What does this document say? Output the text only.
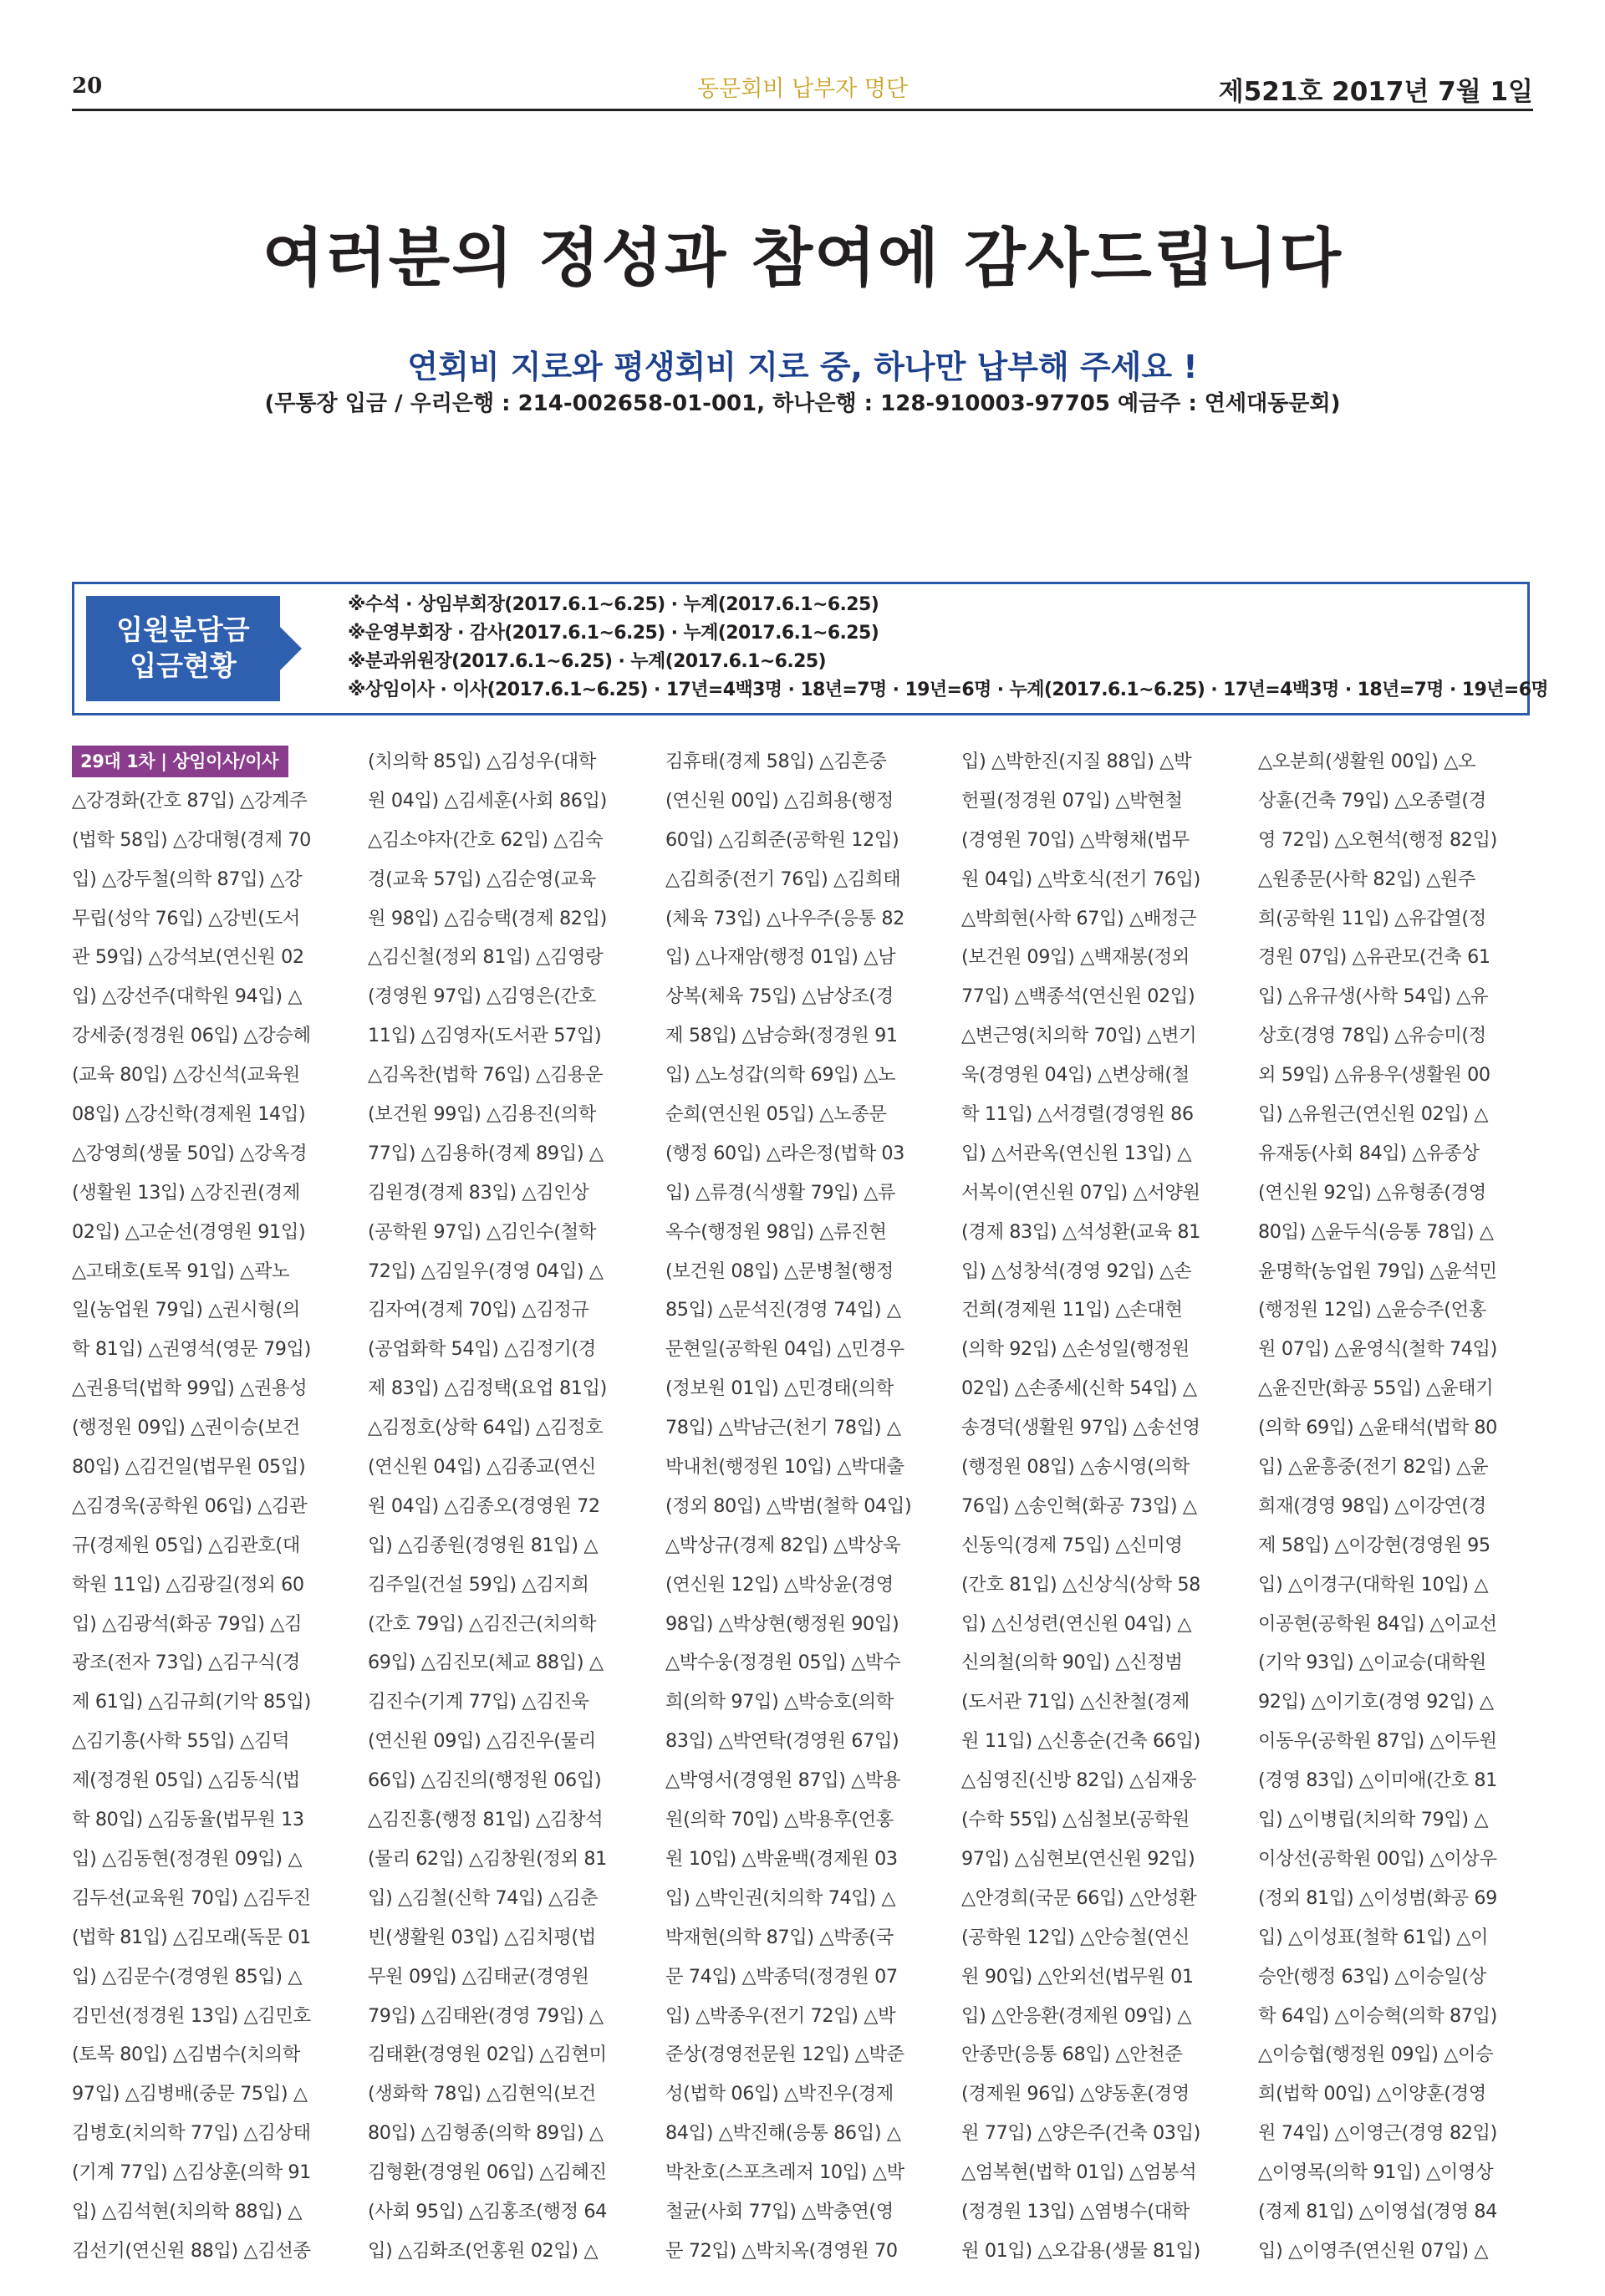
20	동문회비 납부자 명단	제521호 2017년 7월 1일
여러분의 정성과 참여에 감사드립니다
연회비 지로와 평생회비 지로 중, 하나만 납부해 주세요 !
(무통장 입금 / 우리은행 : 214-002658-01-001, 하나은행 : 128-910003-97705 예금주 : 연세대동문회)
임원분담금
입금현황
※수석 · 상임부회장(2017.6.1~6.25) · 누계(2017.6.1~6.25)
※운영부회장 · 감사(2017.6.1~6.25) · 누계(2017.6.1~6.25)
※분과위원장(2017.6.1~6.25) · 누계(2017.6.1~6.25)
※상임이사 · 이사(2017.6.1~6.25) · 17년=4백3명 · 18년=7명 · 19년=6명 · 누계(2017.6.1~6.25) · 17년=4백3명 · 18년=7명 · 19년=6명
29대 1차 | 상임이사/이사
△강경화(간호 87입) △강계주
(법학 58입) △강대형(경제 70
입) △강두철(의학 87입) △강
무립(성악 76입) △강빈(도서
관 59입) △강석보(연신원 02
입) △강선주(대학원 94입) △
강세중(정경원 06입) △강승혜
(교육 80입) △강신석(교육원
08입) △강신학(경제원 14입)
△강영희(생물 50입) △강옥경
(생활원 13입) △강진권(경제
02입) △고순선(경영원 91입)
△고태호(토목 91입) △곽노
일(농업원 79입) △권시형(의
학 81입) △권영석(영문 79입)
△권용덕(법학 99입) △권용성
(행정원 09입) △권이승(보건
80입) △김건일(법무원 05입)
△김경욱(공학원 06입) △김관
규(경제원 05입) △김관호(대
학원 11입) △김광길(정외 60
입) △김광석(화공 79입) △김
광조(전자 73입) △김구식(경
제 61입) △김규희(기악 85입)
△김기흥(사학 55입) △김덕
제(정경원 05입) △김동식(법
학 80입) △김동율(법무원 13
입) △김동현(정경원 09입) △
김두선(교육원 70입) △김두진
(법학 81입) △김모래(독문 01
입) △김문수(경영원 85입) △
김민선(정경원 13입) △김민호
(토목 80입) △김범수(치의학
97입) △김병배(중문 75입) △
김병호(치의학 77입) △김상태
(기계 77입) △김상훈(의학 91
입) △김석현(치의학 88입) △
김선기(연신원 88입) △김선종
(치의학 85입) △김성우(대학
원 04입) △김세훈(사회 86입)
△김소야자(간호 62입) △김숙
경(교육 57입) △김순영(교육
원 98입) △김승택(경제 82입)
△김신철(정외 81입) △김영랑
(경영원 97입) △김영은(간호
11입) △김영자(도서관 57입)
△김옥찬(법학 76입) △김용운
(보건원 99입) △김용진(의학
77입) △김용하(경제 89입) △
김원경(경제 83입) △김인상
(공학원 97입) △김인수(철학
72입) △김일우(경영 04입) △
김자여(경제 70입) △김정규
(공업화학 54입) △김정기(경
제 83입) △김정택(요업 81입)
△김정호(상학 64입) △김정호
(연신원 04입) △김종교(연신
원 04입) △김종오(경영원 72
입) △김종원(경영원 81입) △
김주일(건설 59입) △김지희
(간호 79입) △김진근(치의학
69입) △김진모(체교 88입) △
김진수(기계 77입) △김진욱
(연신원 09입) △김진우(물리
66입) △김진의(행정원 06입)
△김진흥(행정 81입) △김창석
(물리 62입) △김창원(정외 81
입) △김철(신학 74입) △김춘
빈(생활원 03입) △김치평(법
무원 09입) △김태균(경영원
79입) △김태완(경영 79입) △
김태환(경영원 02입) △김현미
(생화학 78입) △김현익(보건
80입) △김형종(의학 89입) △
김형환(경영원 06입) △김혜진
(사회 95입) △김홍조(행정 64
입) △김화조(언홍원 02입) △
김휴태(경제 58입) △김흔중
(연신원 00입) △김희용(행정
60입) △김희준(공학원 12입)
△김희중(전기 76입) △김희태
(체육 73입) △나우주(응통 82
입) △나재암(행정 01입) △남
상복(체육 75입) △남상조(경
제 58입) △남승화(정경원 91
입) △노성갑(의학 69입) △노
순희(연신원 05입) △노종문
(행정 60입) △라은정(법학 03
입) △류경(식생활 79입) △류
옥수(행정원 98입) △류진현
(보건원 08입) △문병철(행정
85입) △문석진(경영 74입) △
문현일(공학원 04입) △민경우
(정보원 01입) △민경태(의학
78입) △박남근(천기 78입) △
박내천(행정원 10입) △박대출
(정외 80입) △박범(철학 04입)
△박상규(경제 82입) △박상욱
(연신원 12입) △박상윤(경영
98입) △박상현(행정원 90입)
△박수웅(정경원 05입) △박수
희(의학 97입) △박승호(의학
83입) △박연탁(경영원 67입)
△박영서(경영원 87입) △박용
원(의학 70입) △박용후(언홍
원 10입) △박윤백(경제원 03
입) △박인권(치의학 74입) △
박재현(의학 87입) △박종(국
문 74입) △박종덕(정경원 07
입) △박종우(전기 72입) △박
준상(경영전문원 12입) △박준
성(법학 06입) △박진우(경제
84입) △박진해(응통 86입) △
박찬호(스포츠레저 10입) △박
철균(사회 77입) △박충연(영
문 72입) △박치옥(경영원 70
입) △박한진(지질 88입) △박
헌필(정경원 07입) △박현철
(경영원 70입) △박형채(법무
원 04입) △박호식(전기 76입)
△박희현(사학 67입) △배정근
(보건원 09입) △백재봉(정외
77입) △백종석(연신원 02입)
△변근영(치의학 70입) △변기
욱(경영원 04입) △변상해(철
학 11입) △서경렬(경영원 86
입) △서관옥(연신원 13입) △
서복이(연신원 07입) △서양원
(경제 83입) △석성환(교육 81
입) △성창석(경영 92입) △손
건희(경제원 11입) △손대현
(의학 92입) △손성일(행정원
02입) △손종세(신학 54입) △
송경덕(생활원 97입) △송선영
(행정원 08입) △송시영(의학
76입) △송인혁(화공 73입) △
신동익(경제 75입) △신미영
(간호 81입) △신상식(상학 58
입) △신성련(연신원 04입) △
신의철(의학 90입) △신정범
(도서관 71입) △신찬철(경제
원 11입) △신흥순(건축 66입)
△심영진(신방 82입) △심재웅
(수학 55입) △심철보(공학원
97입) △심현보(연신원 92입)
△안경희(국문 66입) △안성환
(공학원 12입) △안승철(연신
원 90입) △안외선(법무원 01
입) △안응환(경제원 09입) △
안종만(응통 68입) △안천준
(경제원 96입) △양동훈(경영
원 77입) △양은주(건축 03입)
△엄복현(법학 01입) △엄봉석
(정경원 13입) △염병수(대학
원 01입) △오갑용(생물 81입)
△오분희(생활원 00입) △오
상휸(건축 79입) △오종렬(경
영 72입) △오현석(행정 82입)
△원종문(사학 82입) △원주
희(공학원 11입) △유갑열(정
경원 07입) △유관모(건축 61
입) △유규생(사학 54입) △유
상호(경영 78입) △유승미(정
외 59입) △유용우(생활원 00
입) △유원근(연신원 02입) △
유재동(사회 84입) △유종상
(연신원 92입) △유형종(경영
80입) △윤두식(응통 78입) △
윤명학(농업원 79입) △윤석민
(행정원 12입) △윤승주(언홍
원 07입) △윤영식(철학 74입)
△윤진만(화공 55입) △윤태기
(의학 69입) △윤태석(법학 80
입) △윤흥중(전기 82입) △윤
희재(경영 98입) △이강연(경
제 58입) △이강현(경영원 95
입) △이경구(대학원 10입) △
이공현(공학원 84입) △이교선
(기악 93입) △이교승(대학원
92입) △이기호(경영 92입) △
이동우(공학원 87입) △이두원
(경영 83입) △이미애(간호 81
입) △이병립(치의학 79입) △
이상선(공학원 00입) △이상우
(정외 81입) △이성범(화공 69
입) △이성표(철학 61입) △이
승안(행정 63입) △이승일(상
학 64입) △이승혁(의학 87입)
△이승협(행정원 09입) △이승
희(법학 00입) △이양훈(경영
원 74입) △이영근(경영 82입)
△이영목(의학 91입) △이영상
(경제 81입) △이영섭(경영 84
입) △이영주(연신원 07입) △
